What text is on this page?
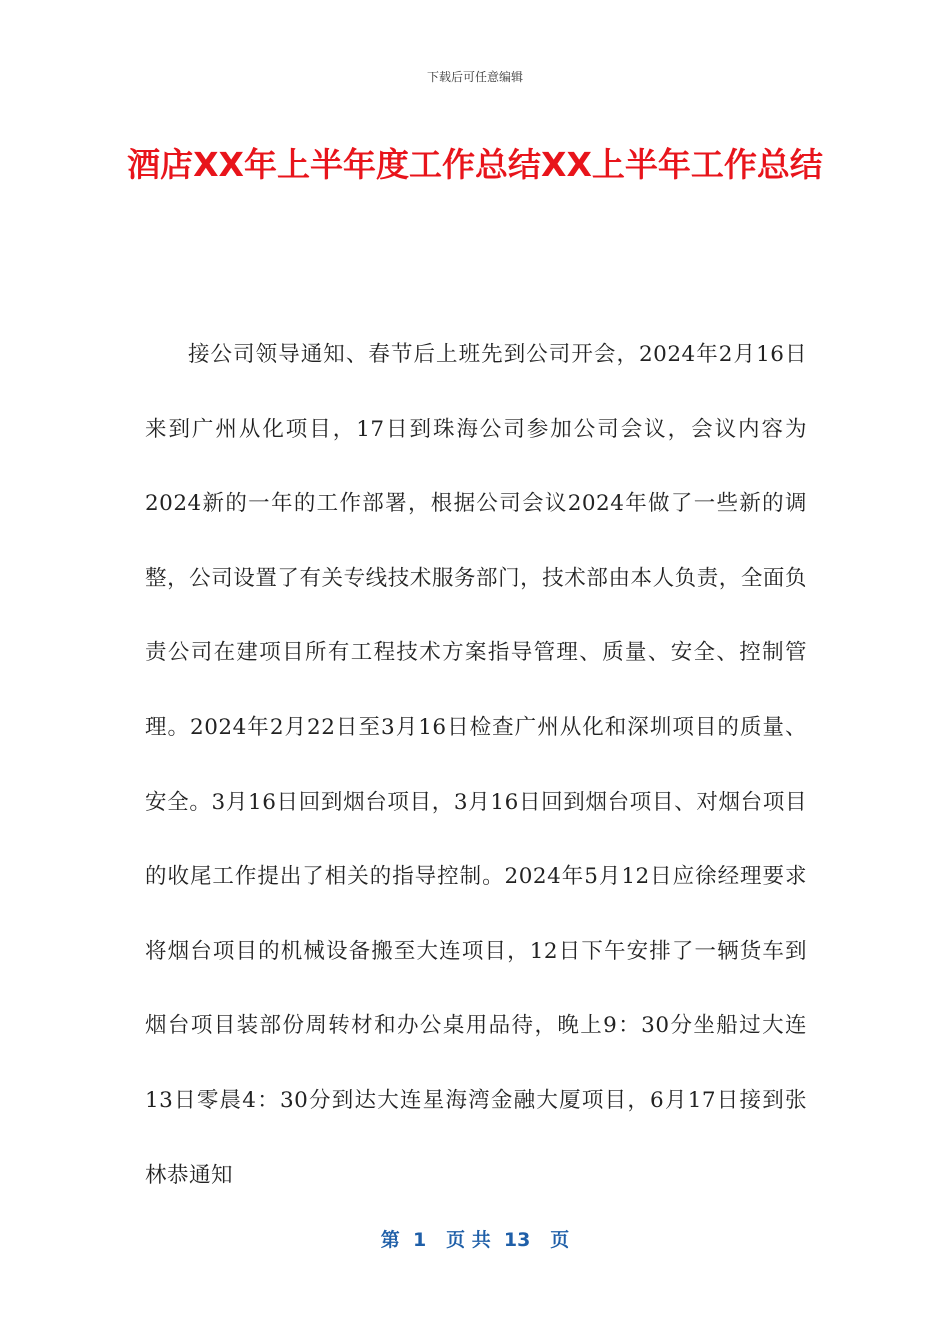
下载后可任意编辑
酒店XX年上半年度工作总结XX上半年工作总结

接公司领导通知、春节后上班先到公司开会，2024年2月16日来到广州从化项目，17日到珠海公司参加公司会议，会议内容为2024新的一年的工作部署，根据公司会议2024年做了一些新的调整，公司设置了有关专线技术服务部门，技术部由本人负责，全面负责公司在建项目所有工程技术方案指导管理、质量、安全、控制管理。2024年2月22日至3月16日检查广州从化和深圳项目的质量、安全。3月16日回到烟台项目，3月16日回到烟台项目、对烟台项目的收尾工作提出了相关的指导控制。2024年5月12日应徐经理要求将烟台项目的机械设备搬至大连项目，12日下午安排了一辆货车到烟台项目装部份周转材和办公桌用品待，晚上9：30分坐船过大连13日零晨4：30分到达大连星海湾金融大厦项目，6月17日接到张林恭通知

第  1   页 共  13   页
